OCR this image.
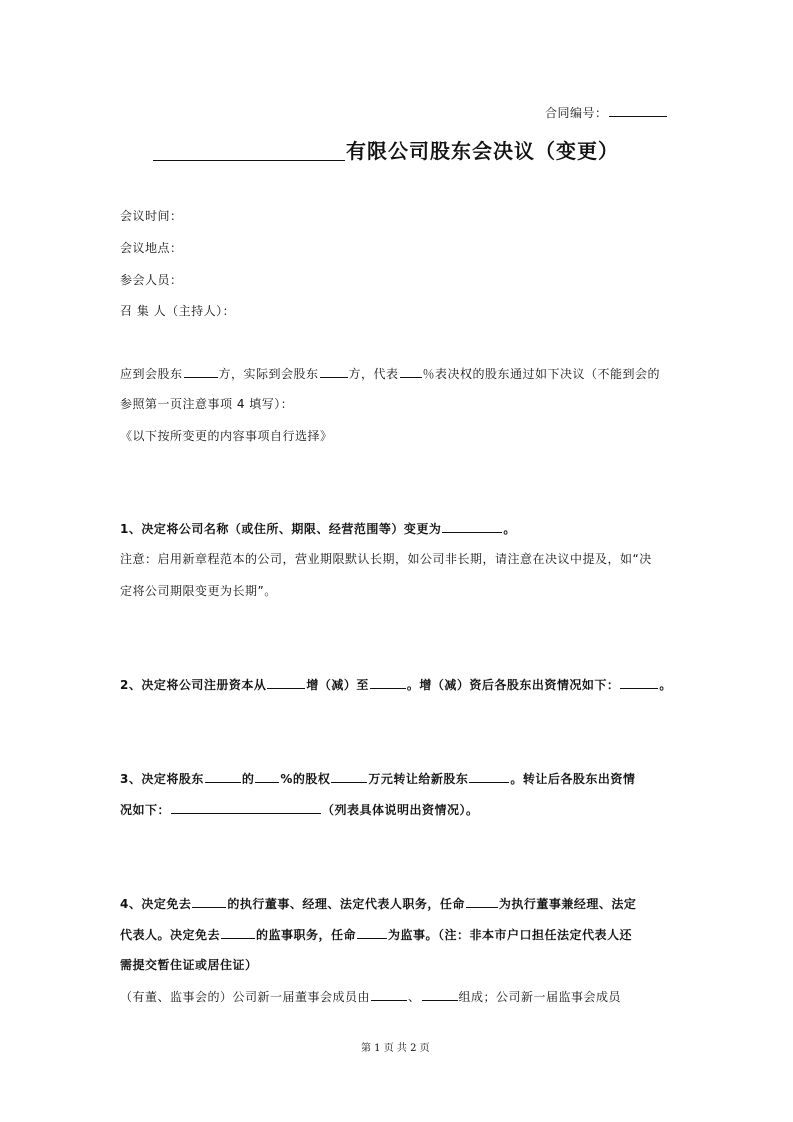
合同编号：
有限公司股东会决议（变更）
会议时间：
会议地点：
参会人员：
召 集 人（主持人）：
应到会股东	方，实际到会股东	方，代表 ％表决权的股东通过如下决议（不能到会的
参照第一页注意事项 4 填写）：
《以下按所变更的内容事项自行选择》
1、决定将公司名称（或住所、期限、经营范围等）变更为	。
注意：启用新章程范本的公司，营业期限默认长期，如公司非长期，请注意在决议中提及，如“决
定将公司期限变更为长期”。
2、决定将公司注册资本从	增（减）至	。增（减）资后各股东出资情况如下：	。
3、决定将股东	的 %的股权	万元转让给新股东	。转让后各股东出资情
况如下：	（列表具体说明出资情况）。
4、决定免去	的执行董事、经理、法定代表人职务，任命	为执行董事兼经理、法定
代表人。决定免去	的监事职务，任命	为监事。（注：非本市户口担任法定代表人还
需提交暂住证或居住证）
（有董、监事会的）公司新一届董事会成员由	、	组成；公司新一届监事会成员
第 1 页 共 2 页
